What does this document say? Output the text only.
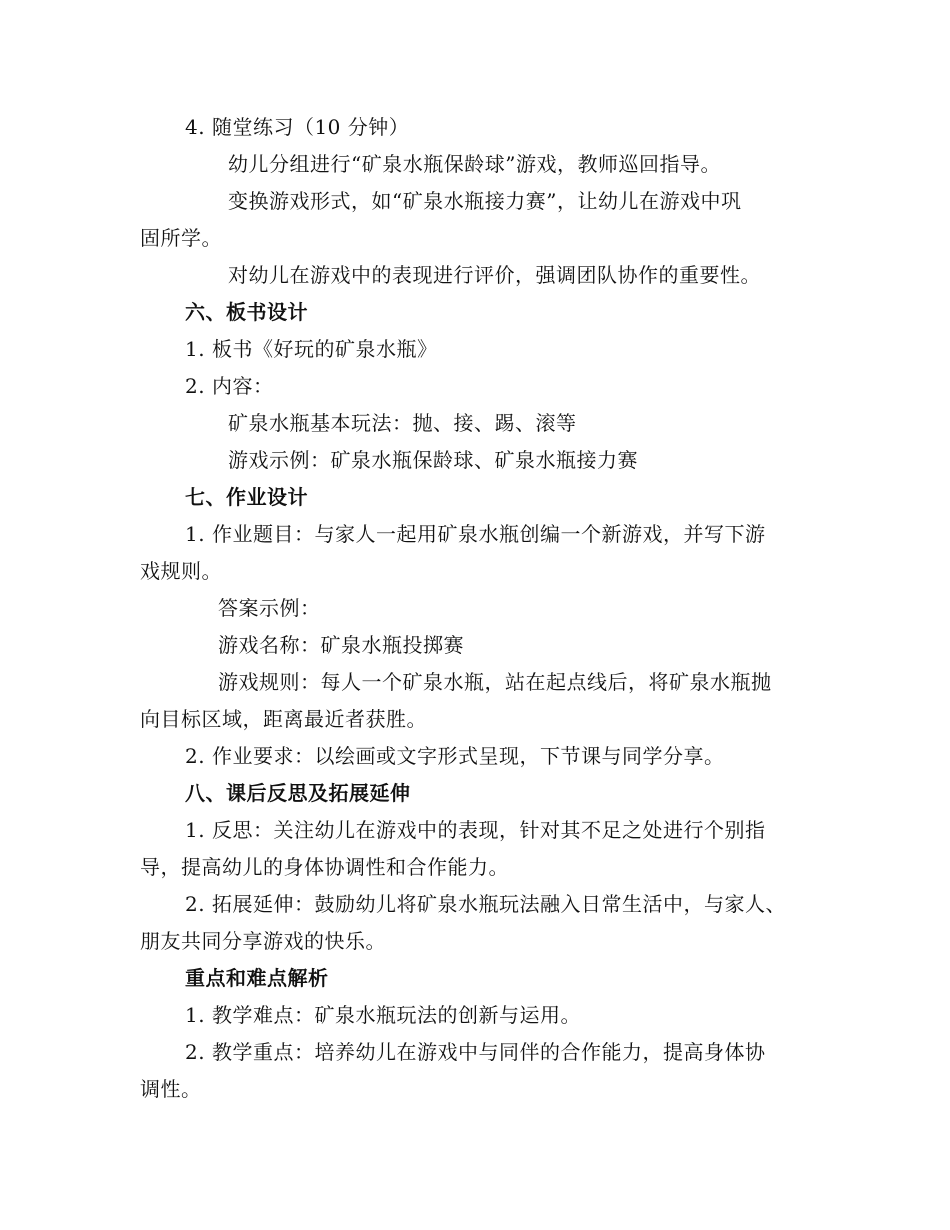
4. 随堂练习（10 分钟）
幼儿分组进行“矿泉水瓶保龄球”游戏，教师巡回指导。
变换游戏形式，如“矿泉水瓶接力赛”，让幼儿在游戏中巩
固所学。
对幼儿在游戏中的表现进行评价，强调团队协作的重要性。
六、板书设计
1. 板书《好玩的矿泉水瓶》
2. 内容：
矿泉水瓶基本玩法：抛、接、踢、滚等
游戏示例：矿泉水瓶保龄球、矿泉水瓶接力赛
七、作业设计
1. 作业题目：与家人一起用矿泉水瓶创编一个新游戏，并写下游
戏规则。
答案示例：
游戏名称：矿泉水瓶投掷赛
游戏规则：每人一个矿泉水瓶，站在起点线后，将矿泉水瓶抛
向目标区域，距离最近者获胜。
2. 作业要求：以绘画或文字形式呈现，下节课与同学分享。
八、课后反思及拓展延伸
1. 反思：关注幼儿在游戏中的表现，针对其不足之处进行个别指
导，提高幼儿的身体协调性和合作能力。
2. 拓展延伸：鼓励幼儿将矿泉水瓶玩法融入日常生活中，与家人、
朋友共同分享游戏的快乐。
重点和难点解析
1. 教学难点：矿泉水瓶玩法的创新与运用。
2. 教学重点：培养幼儿在游戏中与同伴的合作能力，提高身体协
调性。
